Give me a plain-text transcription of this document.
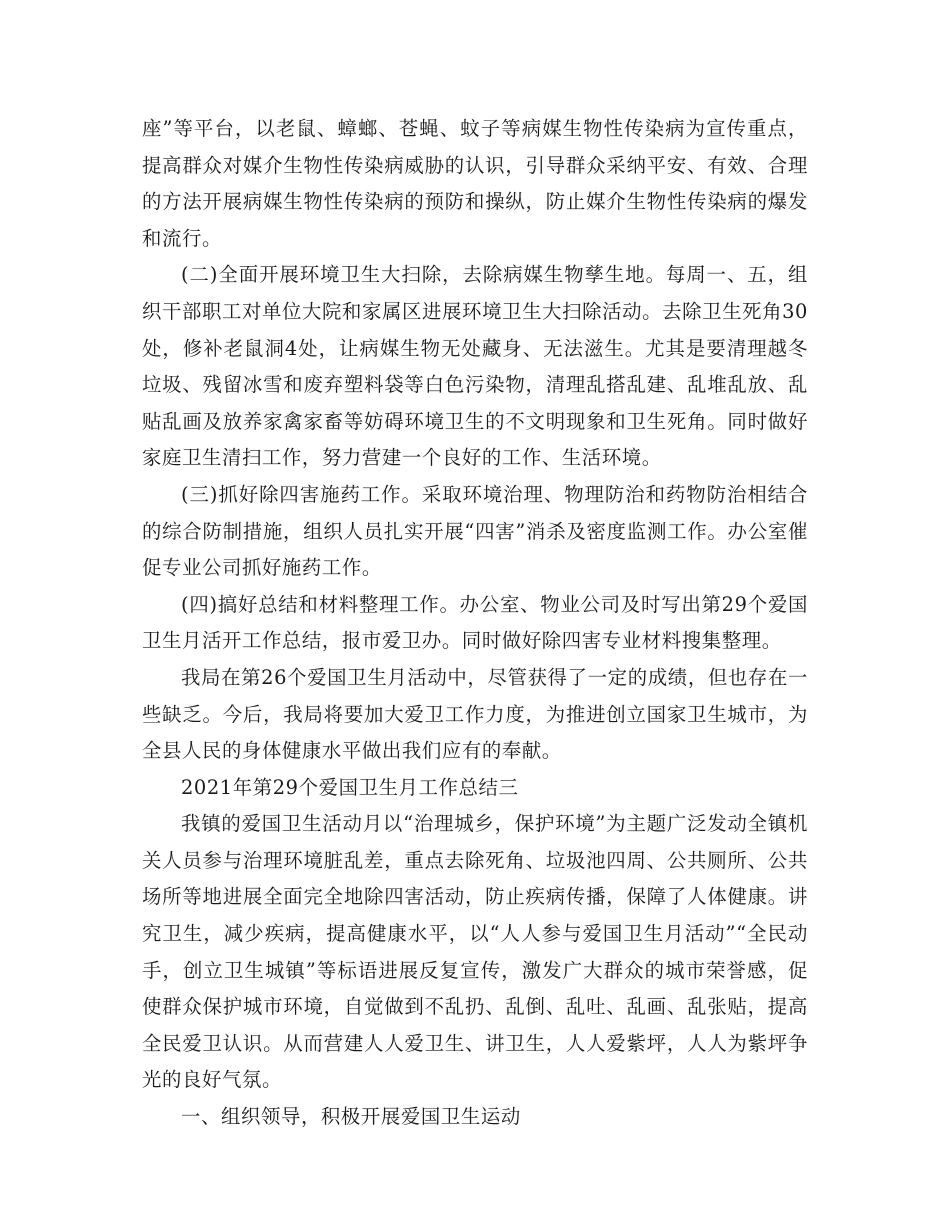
座”等平台，以老鼠、蟑螂、苍蝇、蚊子等病媒生物性传染病为宣传重点，提高群众对媒介生物性传染病威胁的认识，引导群众采纳平安、有效、合理的方法开展病媒生物性传染病的预防和操纵，防止媒介生物性传染病的爆发和流行。

(二)全面开展环境卫生大扫除，去除病媒生物孳生地。每周一、五，组织干部职工对单位大院和家属区进展环境卫生大扫除活动。去除卫生死角30处，修补老鼠洞4处，让病媒生物无处藏身、无法滋生。尤其是要清理越冬垃圾、残留冰雪和废弃塑料袋等白色污染物，清理乱搭乱建、乱堆乱放、乱贴乱画及放养家禽家畜等妨碍环境卫生的不文明现象和卫生死角。同时做好家庭卫生清扫工作，努力营建一个良好的工作、生活环境。

(三)抓好除四害施药工作。采取环境治理、物理防治和药物防治相结合的综合防制措施，组织人员扎实开展“四害”消杀及密度监测工作。办公室催促专业公司抓好施药工作。

(四)搞好总结和材料整理工作。办公室、物业公司及时写出第29个爱国卫生月活开工作总结，报市爱卫办。同时做好除四害专业材料搜集整理。

我局在第26个爱国卫生月活动中，尽管获得了一定的成绩，但也存在一些缺乏。今后，我局将要加大爱卫工作力度，为推进创立国家卫生城市，为全县人民的身体健康水平做出我们应有的奉献。

2021年第29个爱国卫生月工作总结三

我镇的爱国卫生活动月以“治理城乡，保护环境”为主题广泛发动全镇机关人员参与治理环境脏乱差，重点去除死角、垃圾池四周、公共厕所、公共场所等地进展全面完全地除四害活动，防止疾病传播，保障了人体健康。讲究卫生，减少疾病，提高健康水平，以“人人参与爱国卫生月活动”“全民动手，创立卫生城镇”等标语进展反复宣传，激发广大群众的城市荣誉感，促使群众保护城市环境，自觉做到不乱扔、乱倒、乱吐、乱画、乱张贴，提高全民爱卫认识。从而营建人人爱卫生、讲卫生，人人爱紫坪，人人为紫坪争光的良好气氛。

一、组织领导，积极开展爱国卫生运动
